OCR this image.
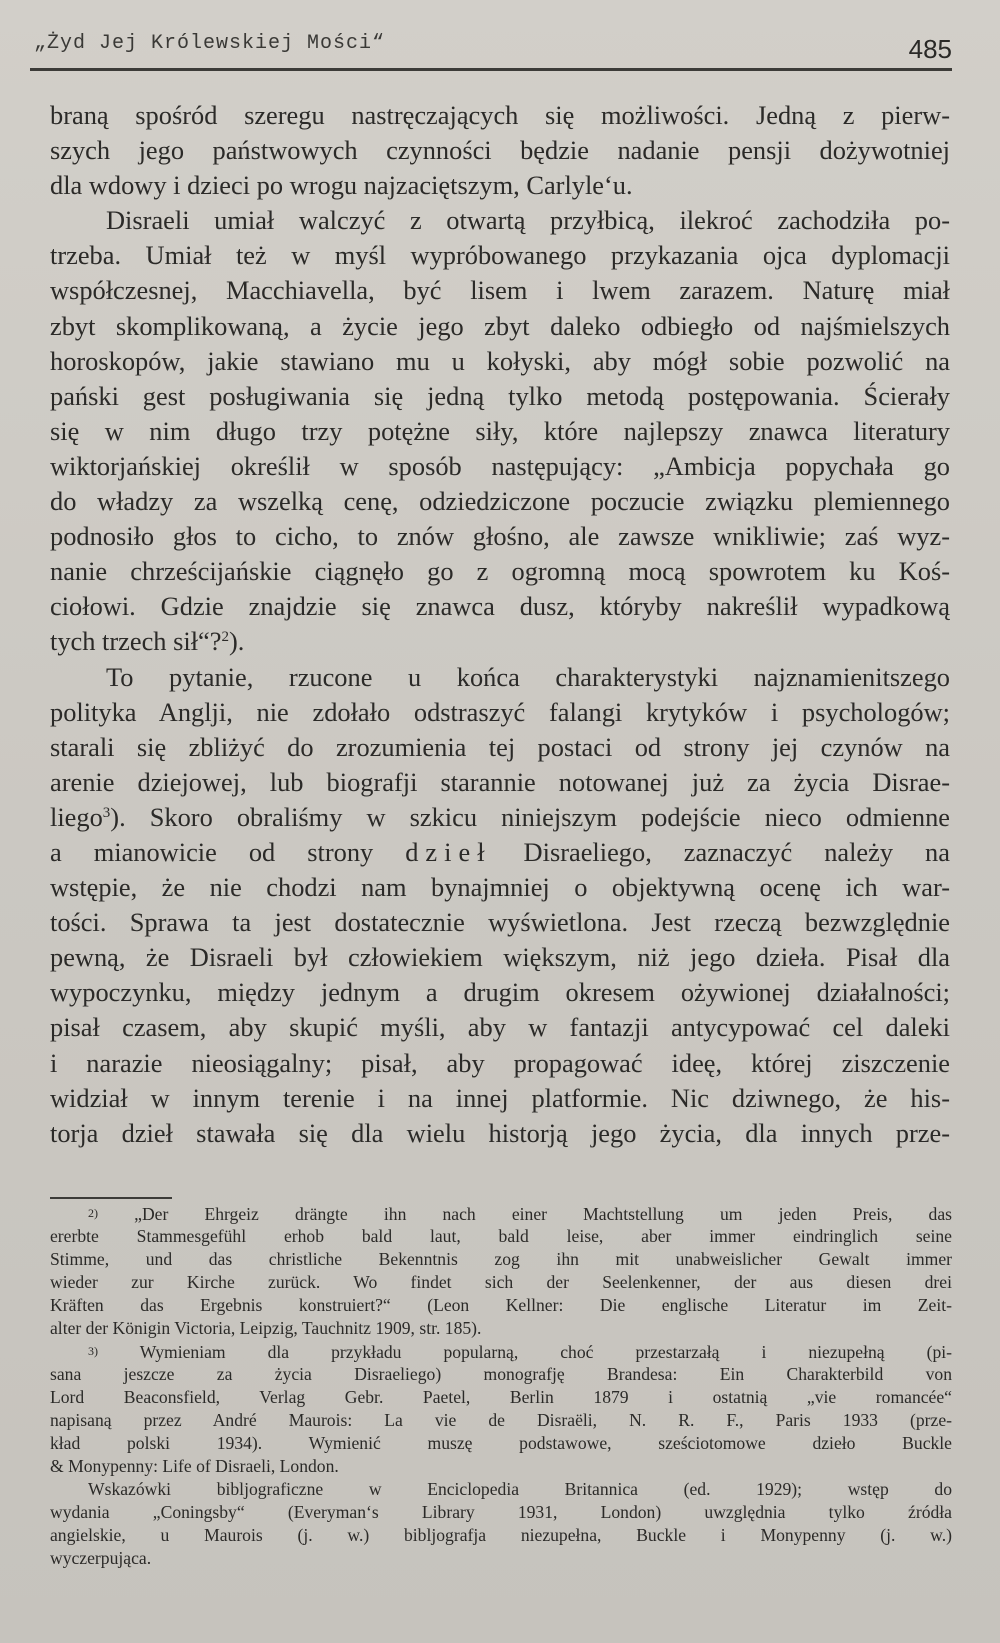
„Żyd Jej Królewskiej Mości“	485
braną spośród szeregu nastręczających się możliwości. Jedną z pierw-
szych jego państwowych czynności będzie nadanie pensji dożywotniej
dla wdowy i dzieci po wrogu najzaciętszym, Carlyle‘u.
Disraeli umiał walczyć z otwartą przyłbicą, ilekroć zachodziła po-
trzeba. Umiał też w myśl wypróbowanego przykazania ojca dyplomacji
współczesnej, Macchiavella, być lisem i lwem zarazem. Naturę miał
zbyt skomplikowaną, a życie jego zbyt daleko odbiegło od najśmielszych
horoskopów, jakie stawiano mu u kołyski, aby mógł sobie pozwolić na
pański gest posługiwania się jedną tylko metodą postępowania. Ścierały
się w nim długo trzy potężne siły, które najlepszy znawca literatury
wiktorjańskiej określił w sposób następujący: „Ambicja popychała go
do władzy za wszelką cenę, odziedziczone poczucie związku plemiennego
podnosiło głos to cicho, to znów głośno, ale zawsze wnikliwie; zaś wyz-
nanie chrześcijańskie ciągnęło go z ogromną mocą spowrotem ku Koś-
ciołowi. Gdzie znajdzie się znawca dusz, któryby nakreślił wypadkową
tych trzech sił“?$^2$).
To pytanie, rzucone u końca charakterystyki najznamienitszego
polityka Anglji, nie zdołało odstraszyć falangi krytyków i psychologów;
starali się zbliżyć do zrozumienia tej postaci od strony jej czynów na
arenie dziejowej, lub biografji starannie notowanej już za życia Disrae-
liego$^3$). Skoro obraliśmy w szkicu niniejszym podejście nieco odmienne
a mianowicie od strony dzieł Disraeliego, zaznaczyć należy na
wstępie, że nie chodzi nam bynajmniej o objektywną ocenę ich war-
tości. Sprawa ta jest dostatecznie wyświetlona. Jest rzeczą bezwzględnie
pewną, że Disraeli był człowiekiem większym, niż jego dzieła. Pisał dla
wypoczynku, między jednym a drugim okresem ożywionej działalności;
pisał czasem, aby skupić myśli, aby w fantazji antycypować cel daleki
i narazie nieosiągalny; pisał, aby propagować ideę, której ziszczenie
widział w innym terenie i na innej platformie. Nic dziwnego, że his-
torja dzieł stawała się dla wielu historją jego życia, dla innych prze-
2) „Der Ehrgeiz drängte ihn nach einer Machtstellung um jeden Preis, das
ererbte Stammesgefühl erhob bald laut, bald leise, aber immer eindringlich seine
Stimme, und das christliche Bekenntnis zog ihn mit unabweislicher Gewalt immer
wieder zur Kirche zurück. Wo findet sich der Seelenkenner, der aus diesen drei
Kräften das Ergebnis konstruiert?“ (Leon Kellner: Die englische Literatur im Zeit-
alter der Königin Victoria, Leipzig, Tauchnitz 1909, str. 185).
3) Wymieniam dla przykładu popularną, choć przestarzałą i niezupełną (pi-
sana jeszcze za życia Disraeliego) monografję Brandesa: Ein Charakterbild von
Lord Beaconsfield, Verlag Gebr. Paetel, Berlin 1879 i ostatnią „vie romancée“
napisaną przez André Maurois: La vie de Disraëli, N. R. F., Paris 1933 (prze-
kład polski 1934). Wymienić muszę podstawowe, sześciotomowe dzieło Buckle
& Monypenny: Life of Disraeli, London.
Wskazówki bibljograficzne w Enciclopedia Britannica (ed. 1929); wstęp do
wydania „Coningsby“ (Everyman‘s Library 1931, London) uwzględnia tylko źródła
angielskie, u Maurois (j. w.) bibljografja niezupełna, Buckle i Monypenny (j. w.)
wyczerpująca.
